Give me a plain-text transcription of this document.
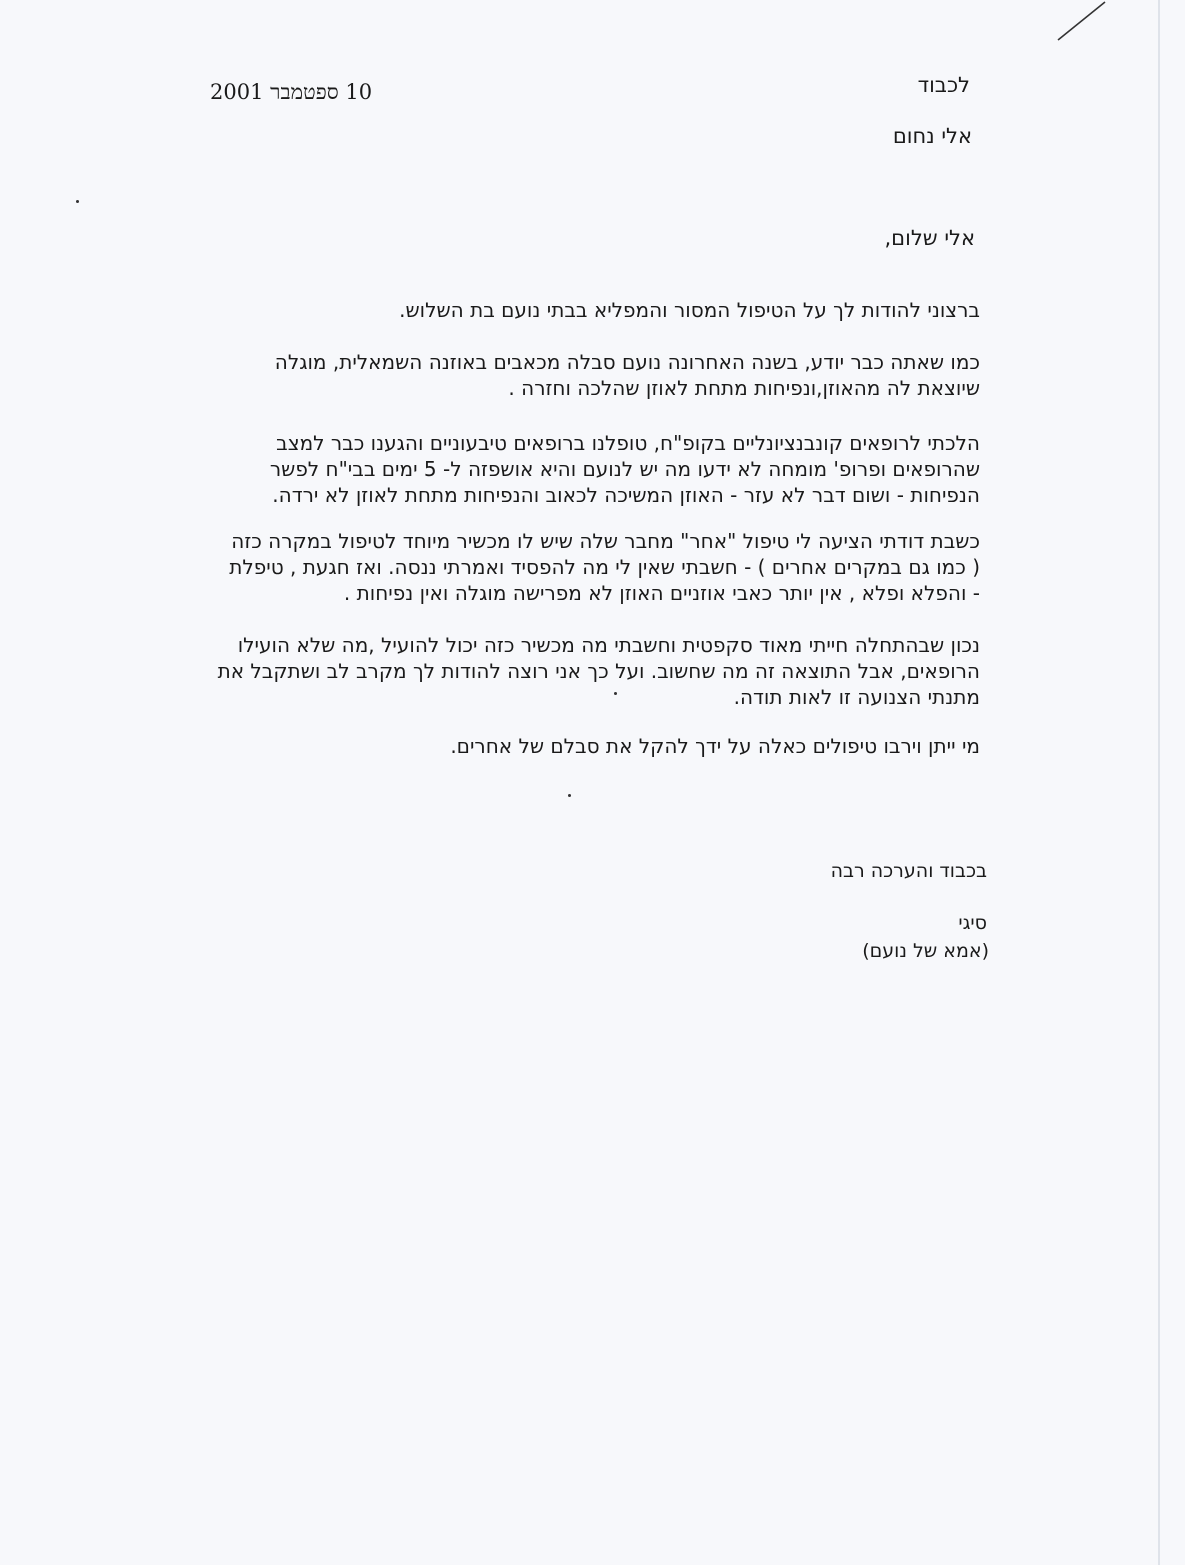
10 ספטמבר 2001	לכבוד
אלי נחום
אלי שלום,
ברצוני להודות לך על הטיפול המסור והמפליא בבתי נועם בת השלוש.
כמו שאתה כבר יודע, בשנה האחרונה נועם סבלה מכאבים באוזנה השמאלית, מוגלה
שיוצאת לה מהאוזן,ונפיחות מתחת לאוזן שהלכה וחזרה .
הלכתי לרופאים קונבנציונליים בקופ"ח, טופלנו ברופאים טיבעוניים והגענו כבר למצב
שהרופאים ופרופ' מומחה לא ידעו מה יש לנועם והיא אושפזה ל- 5 ימים בבי"ח לפשר
הנפיחות - ושום דבר לא עזר - האוזן המשיכה לכאוב והנפיחות מתחת לאוזן לא ירדה.
כשבת דודתי הציעה לי טיפול "אחר" מחבר שלה שיש לו מכשיר מיוחד לטיפול במקרה כזה
( כמו גם במקרים אחרים ) - חשבתי שאין לי מה להפסיד ואמרתי ננסה. ואז חגעת , טיפלת
- והפלא ופלא , אין יותר כאבי אוזניים האוזן לא מפרישה מוגלה ואין נפיחות .
נכון שבהתחלה חייתי מאוד סקפטית וחשבתי מה מכשיר כזה יכול להועיל ,מה שלא הועילו
הרופאים, אבל התוצאה זה מה שחשוב. ועל כך אני רוצה להודות לך מקרב לב ושתקבל את
מתנתי הצנועה זו לאות תודה.
מי ייתן וירבו טיפולים כאלה על ידך להקל את סבלם של אחרים.
בכבוד והערכה רבה
סיגי
(אמא של נועם)
